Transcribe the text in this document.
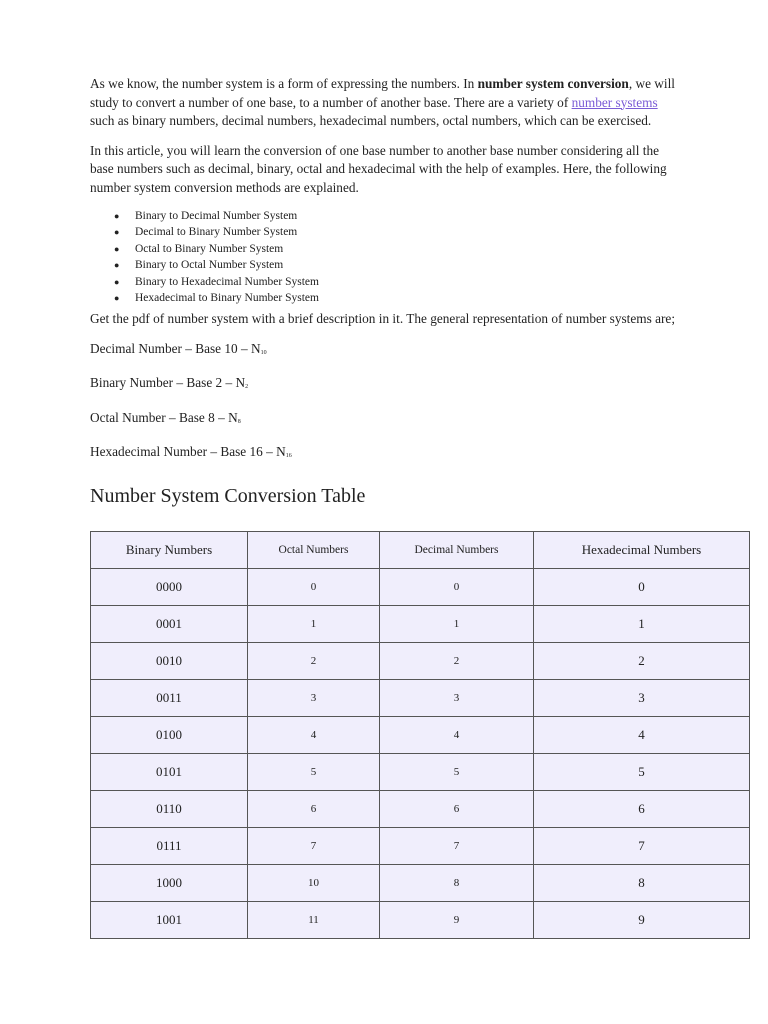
As we know, the number system is a form of expressing the numbers. In number system conversion, we will study to convert a number of one base, to a number of another base. There are a variety of number systems such as binary numbers, decimal numbers, hexadecimal numbers, octal numbers, which can be exercised.

In this article, you will learn the conversion of one base number to another base number considering all the base numbers such as decimal, binary, octal and hexadecimal with the help of examples. Here, the following number system conversion methods are explained.

● Binary to Decimal Number System
● Decimal to Binary Number System
● Octal to Binary Number System
● Binary to Octal Number System
● Binary to Hexadecimal Number System
● Hexadecimal to Binary Number System

Get the pdf of number system with a brief description in it. The general representation of number systems are;

Decimal Number – Base $10 - N_{10}$

Binary Number – Base $2 - N_2$

Octal Number – Base $8 - N_8$

Hexadecimal Number – Base $16 - N_{16}$

Number System Conversion Table
Binary Numbers	Octal Numbers	Decimal Numbers	Hexadecimal Numbers
0000	0	0	0
0001	1	1	1
0010	2	2	2
0011	3	3	3
0100	4	4	4
0101	5	5	5
0110	6	6	6
0111	7	7	7
1000	10	8	8
1001	11	9	9
